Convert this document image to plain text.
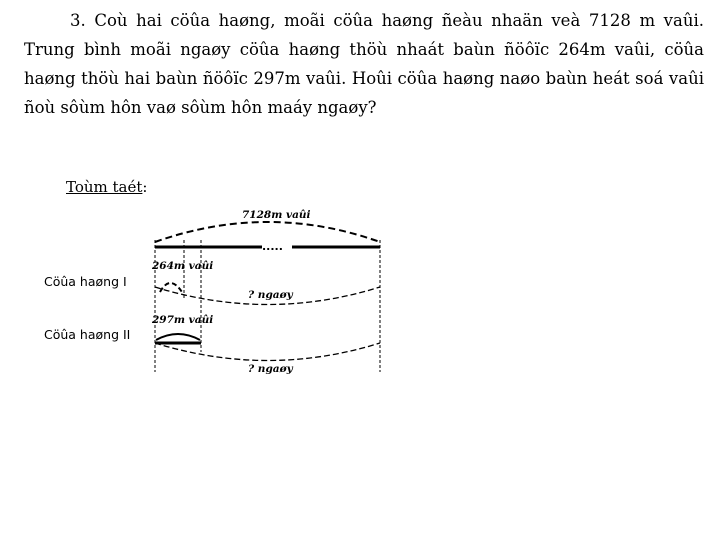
3. Coù hai cöûa haøng, moãi cöûa haøng ñeàu nhaän veà 7128 m vaûi. Trung bình moãi ngaøy cöûa haøng thöù nhaát baùn ñöôïc 264m vaûi, cöûa haøng thöù hai baùn ñöôïc 297m vaûi. Hoûi cöûa haøng naøo baùn heát soá vaûi ñoù sôùm hôn vaø sôùm hôn maáy ngaøy?

Toùm taét:

Cöûa haøng I

Cöûa haøng II

7128m vaûi
.....
264m vaûi
? ngaøy
297m vaûi
? ngaøy
